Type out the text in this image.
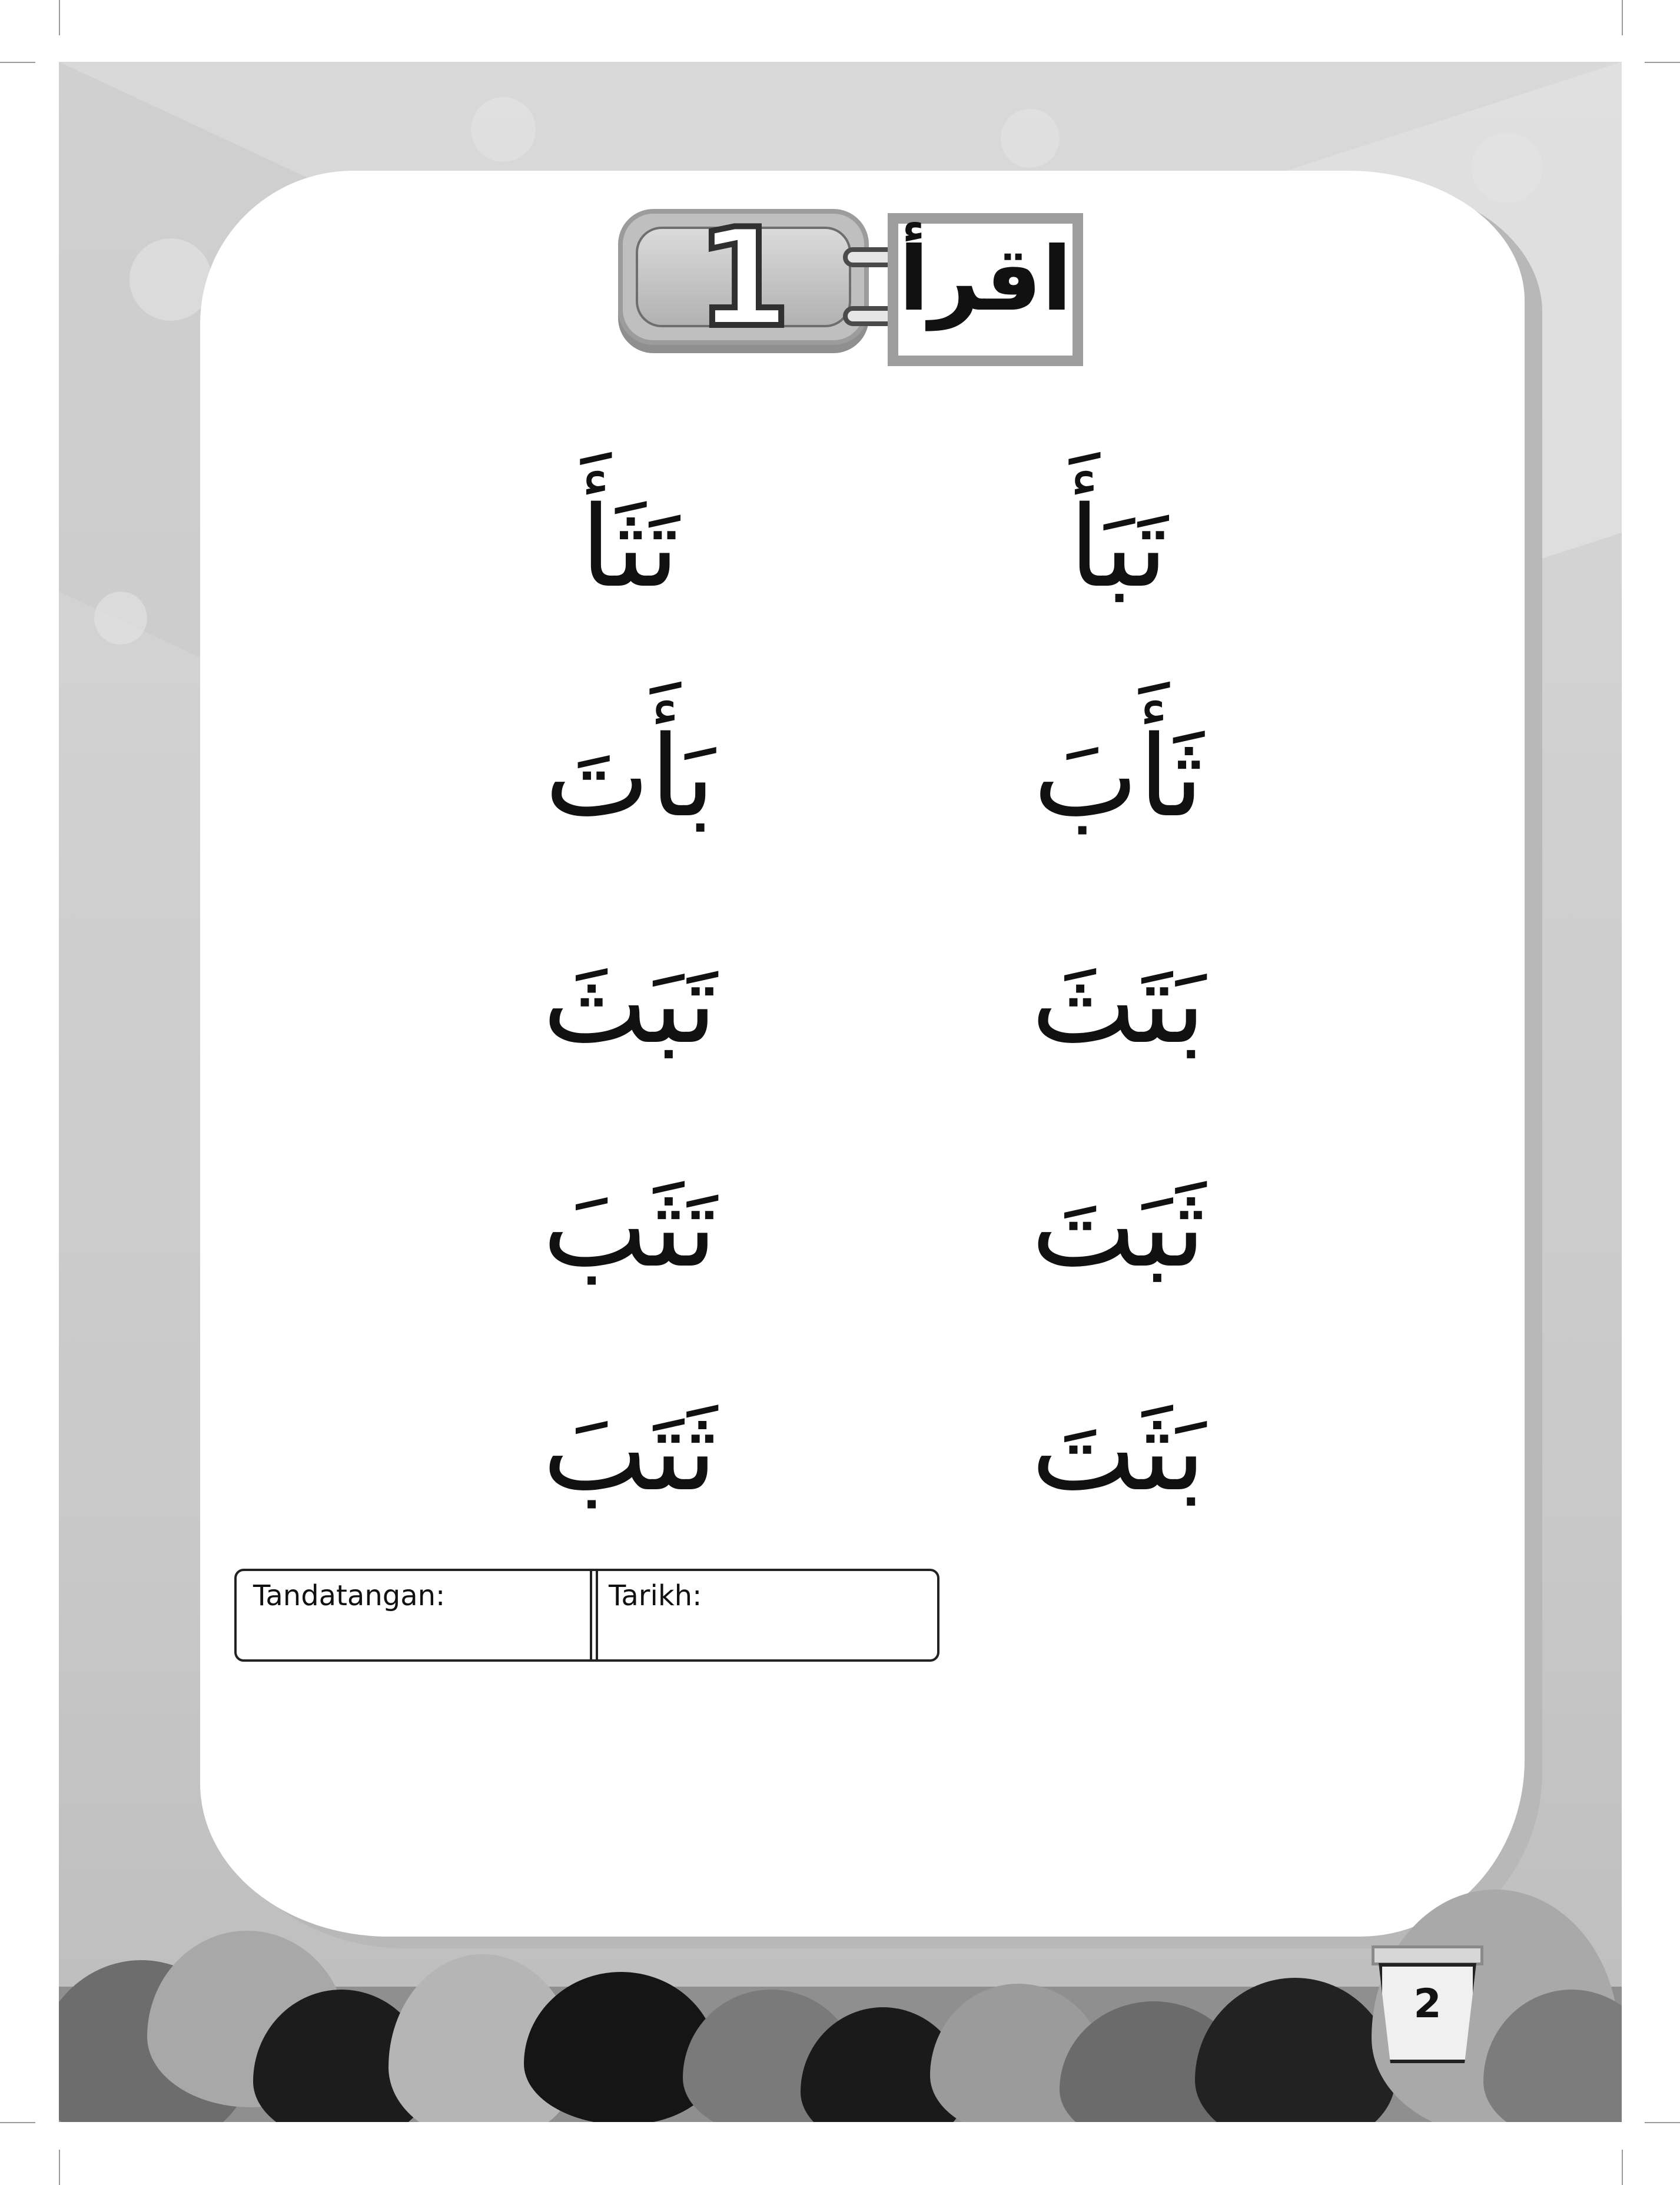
1	اقرأ
تَبَأَ
ثَأَبَ
بَتَثَ
ثَبَتَ
بَثَتَ
تَثَأَ
بَأَتَ
تَبَثَ
تَثَبَ
ثَتَبَ
Tandatangan:	Tarikh:
2
